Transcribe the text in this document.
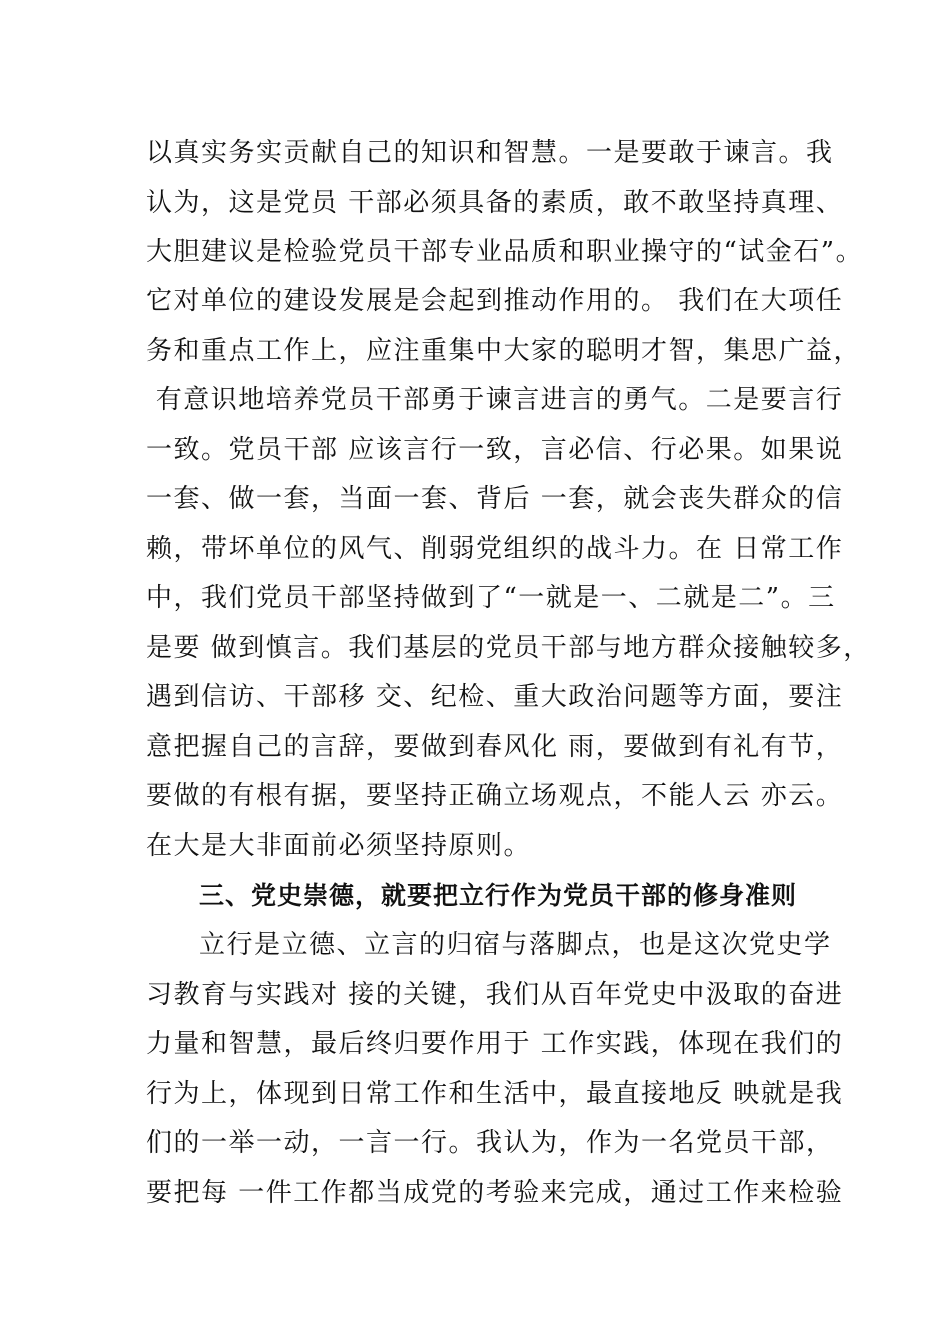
以真实务实贡献自己的知识和智慧。一是要敢于谏言。我
认为，这是党员 干部必须具备的素质，敢不敢坚持真理、
大胆建议是检验党员干部专业品质和职业操守的“试金石”。
它对单位的建设发展是会起到推动作用的。 我们在大项任
务和重点工作上，应注重集中大家的聪明才智，集思广益，
有意识地培养党员干部勇于谏言进言的勇气。二是要言行
一致。党员干部 应该言行一致，言必信、行必果。如果说
一套、做一套，当面一套、背后 一套，就会丧失群众的信
赖，带坏单位的风气、削弱党组织的战斗力。在 日常工作
中，我们党员干部坚持做到了“一就是一、二就是二”。三
是要 做到慎言。我们基层的党员干部与地方群众接触较多，
遇到信访、干部移 交、纪检、重大政治问题等方面，要注
意把握自己的言辞，要做到春风化 雨，要做到有礼有节，
要做的有根有据，要坚持正确立场观点，不能人云 亦云。
在大是大非面前必须坚持原则。
三、党史崇德，就要把立行作为党员干部的修身准则
立行是立德、立言的归宿与落脚点，也是这次党史学
习教育与实践对 接的关键，我们从百年党史中汲取的奋进
力量和智慧，最后终归要作用于 工作实践，体现在我们的
行为上，体现到日常工作和生活中，最直接地反 映就是我
们的一举一动，一言一行。我认为，作为一名党员干部，
要把每 一件工作都当成党的考验来完成，通过工作来检验
